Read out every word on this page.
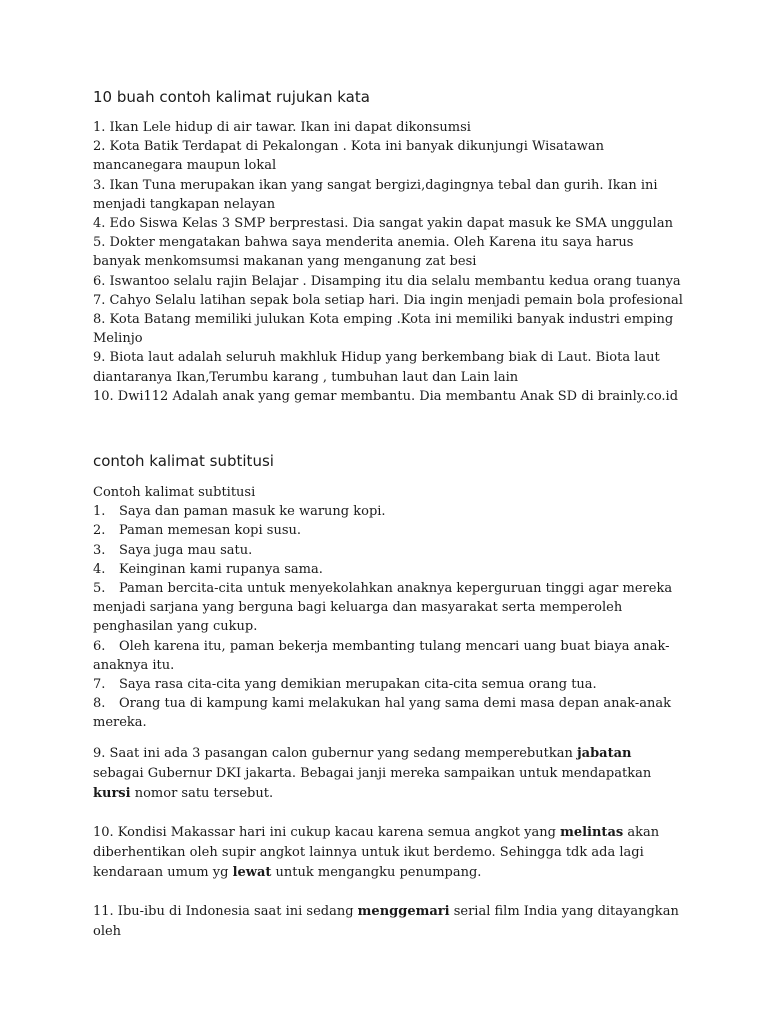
10 buah contoh kalimat rujukan kata

1. Ikan Lele hidup di air tawar. Ikan ini dapat dikonsumsi

2. Kota Batik Terdapat di Pekalongan . Kota ini banyak dikunjungi Wisatawan mancanegara maupun lokal

3. Ikan Tuna merupakan ikan yang sangat bergizi,dagingnya tebal dan gurih. Ikan ini menjadi tangkapan nelayan

4. Edo Siswa Kelas 3 SMP berprestasi. Dia sangat yakin dapat masuk ke SMA unggulan

5. Dokter mengatakan bahwa saya menderita anemia. Oleh Karena itu saya harus banyak menkomsumsi makanan yang menganung zat besi

6. Iswantoo selalu rajin Belajar . Disamping itu dia selalu membantu kedua orang tuanya

7. Cahyo Selalu latihan sepak bola setiap hari. Dia ingin menjadi pemain bola profesional

8. Kota Batang memiliki julukan Kota emping .Kota ini memiliki banyak industri emping Melinjo

9. Biota laut adalah seluruh makhluk Hidup yang berkembang biak di Laut. Biota laut diantaranya Ikan,Terumbu karang , tumbuhan laut dan Lain lain

10. Dwi112 Adalah anak yang gemar membantu. Dia membantu Anak SD di brainly.co.id

contoh kalimat subtitusi

Contoh kalimat subtitusi

1. Saya dan paman masuk ke warung kopi.

2. Paman memesan kopi susu.

3. Saya juga mau satu.

4. Keinginan kami rupanya sama.

5. Paman bercita-cita untuk menyekolahkan anaknya keperguruan tinggi agar mereka menjadi sarjana yang berguna bagi keluarga dan masyarakat serta memperoleh penghasilan yang cukup.

6. Oleh karena itu, paman bekerja membanting tulang mencari uang buat biaya anak-anaknya itu.

7. Saya rasa cita-cita yang demikian merupakan cita-cita semua orang tua.

8. Orang tua di kampung kami melakukan hal yang sama demi masa depan anak-anak mereka.

9. Saat ini ada 3 pasangan calon gubernur yang sedang memperebutkan jabatan sebagai Gubernur DKI jakarta. Bebagai janji mereka sampaikan untuk mendapatkan kursi nomor satu tersebut.

10. Kondisi Makassar hari ini cukup kacau karena semua angkot yang melintas akan diberhentikan oleh supir angkot lainnya untuk ikut berdemo. Sehingga tdk ada lagi kendaraan umum yg lewat untuk mengangku penumpang.

11. Ibu-ibu di Indonesia saat ini sedang menggemari serial film India yang ditayangkan oleh
